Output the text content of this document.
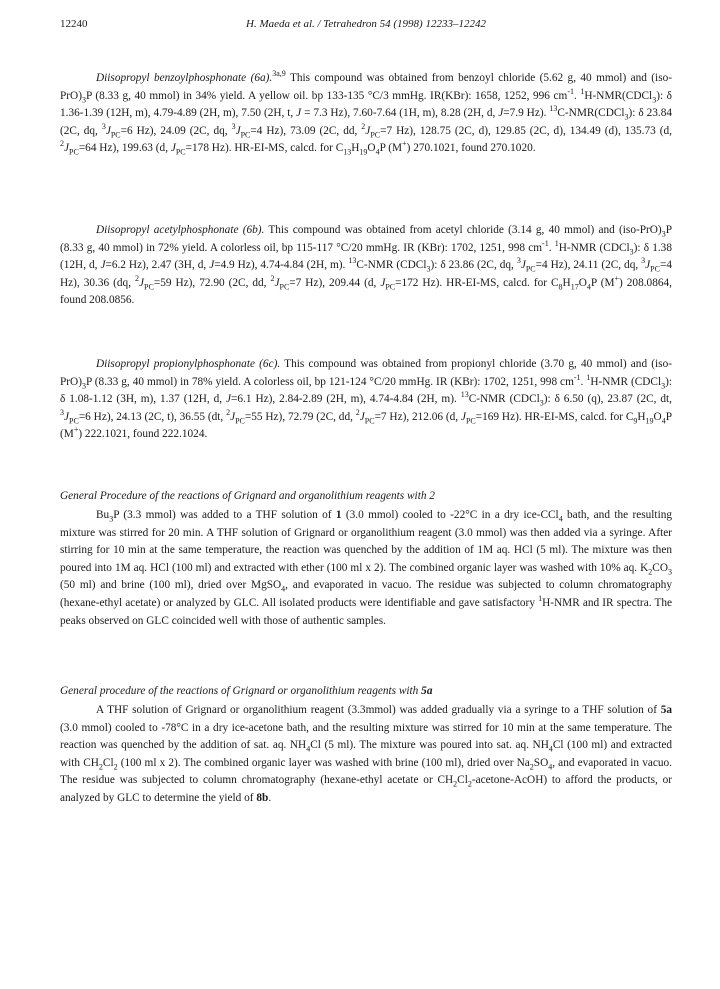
12240	H. Maeda et al. / Tetrahedron 54 (1998) 12233–12242
Diisopropyl benzoylphosphonate (6a).$^{3a,9}$ This compound was obtained from benzoyl chloride (5.62 g, 40 mmol) and $(iso-PrO)_3P$ (8.33 g, 40 mmol) in 34% yield. A yellow oil. bp 133-135 °C/3 mmHg. IR(KBr): 1658, 1252, 996 $cm^{-1}$. $^1$H-NMR(CDCl$_3$): δ 1.36-1.39 (12H, m), 4.79-4.89 (2H, m), 7.50 (2H, t, J = 7.3 Hz), 7.60-7.64 (1H, m), 8.28 (2H, d, J=7.9 Hz). $^{13}$C-NMR(CDCl$_3$): δ 23.84 (2C, dq, $^3J_{PC}=6$ Hz), 24.09 (2C, dq, $^3J_{PC}=4$ Hz), 73.09 (2C, dd, $^2J_{PC}=7$ Hz), 128.75 (2C, d), 129.85 (2C, d), 134.49 (d), 135.73 (d, $^2J_{PC}=64$ Hz), 199.63 (d, $J_{PC}=178$ Hz). HR-EI-MS, calcd. for $C_{13}H_{19}O_4P$ (M+) 270.1021, found 270.1020.
Diisopropyl acetylphosphonate (6b). This compound was obtained from acetyl chloride (3.14 g, 40 mmol) and $(iso-PrO)_3P$ (8.33 g, 40 mmol) in 72% yield. A colorless oil, bp 115-117 °C/20 mmHg. IR (KBr): 1702, 1251, 998 $cm^{-1}$. $^1$H-NMR (CDCl$_3$): δ 1.38 (12H, d, J=6.2 Hz), 2.47 (3H, d, J=4.9 Hz), 4.74-4.84 (2H, m). $^{13}$C-NMR (CDCl$_3$): δ 23.86 (2C, dq, $^3J_{PC}=4$ Hz), 24.11 (2C, dq, $^3J_{PC}=4$ Hz), 30.36 (dq, $^2J_{PC}=59$ Hz), 72.90 (2C, dd, $^2J_{PC}=7$ Hz), 209.44 (d, $J_{PC}=172$ Hz). HR-EI-MS, calcd. for $C_8H_{17}O_4P$ (M+) 208.0864, found 208.0856.
Diisopropyl propionylphosphonate (6c). This compound was obtained from propionyl chloride (3.70 g, 40 mmol) and $(iso-PrO)_3P$ (8.33 g, 40 mmol) in 78% yield. A colorless oil, bp 121-124 °C/20 mmHg. IR (KBr): 1702, 1251, 998 $cm^{-1}$. $^1$H-NMR (CDCl$_3$): δ 1.08-1.12 (3H, m), 1.37 (12H, d, J=6.1 Hz), 2.84-2.89 (2H, m), 4.74-4.84 (2H, m). $^{13}$C-NMR (CDCl$_3$): δ 6.50 (q), 23.87 (2C, dt, $^3J_{PC}=6$ Hz), 24.13 (2C, t), 36.55 (dt, $^2J_{PC}=55$ Hz), 72.79 (2C, dd, $^2J_{PC}=7$ Hz), 212.06 (d, $J_{PC}=169$ Hz). HR-EI-MS, calcd. for $C_9H_{19}O_4P$ (M+) 222.1021, found 222.1024.
General Procedure of the reactions of Grignard and organolithium reagents with 2
$Bu_3P$ (3.3 mmol) was added to a THF solution of 1 (3.0 mmol) cooled to -22°C in a dry ice-CCl$_4$ bath, and the resulting mixture was stirred for 20 min. A THF solution of Grignard or organolithium reagent (3.0 mmol) was then added via a syringe. After stirring for 10 min at the same temperature, the reaction was quenched by the addition of 1M aq. HCl (5 ml). The mixture was then poured into 1M aq. HCl (100 ml) and extracted with ether (100 ml x 2). The combined organic layer was washed with 10% aq. $K_2CO_3$ (50 ml) and brine (100 ml), dried over MgSO$_4$, and evaporated in vacuo. The residue was subjected to column chromatography (hexane-ethyl acetate) or analyzed by GLC. All isolated products were identifiable and gave satisfactory $^1$H-NMR and IR spectra. The peaks observed on GLC coincided well with those of authentic samples.
General procedure of the reactions of Grignard or organolithium reagents with 5a
A THF solution of Grignard or organolithium reagent (3.3mmol) was added gradually via a syringe to a THF solution of 5a (3.0 mmol) cooled to -78°C in a dry ice-acetone bath, and the resulting mixture was stirred for 10 min at the same temperature. The reaction was quenched by the addition of sat. aq. $NH_4Cl$ (5 ml). The mixture was poured into sat. aq. $NH_4Cl$ (100 ml) and extracted with $CH_2Cl_2$ (100 ml x 2). The combined organic layer was washed with brine (100 ml), dried over $Na_2SO_4$, and evaporated in vacuo. The residue was subjected to column chromatography (hexane-ethyl acetate or $CH_2Cl_2-acetone-AcOH$) to afford the products, or analyzed by GLC to determine the yield of 8b.
